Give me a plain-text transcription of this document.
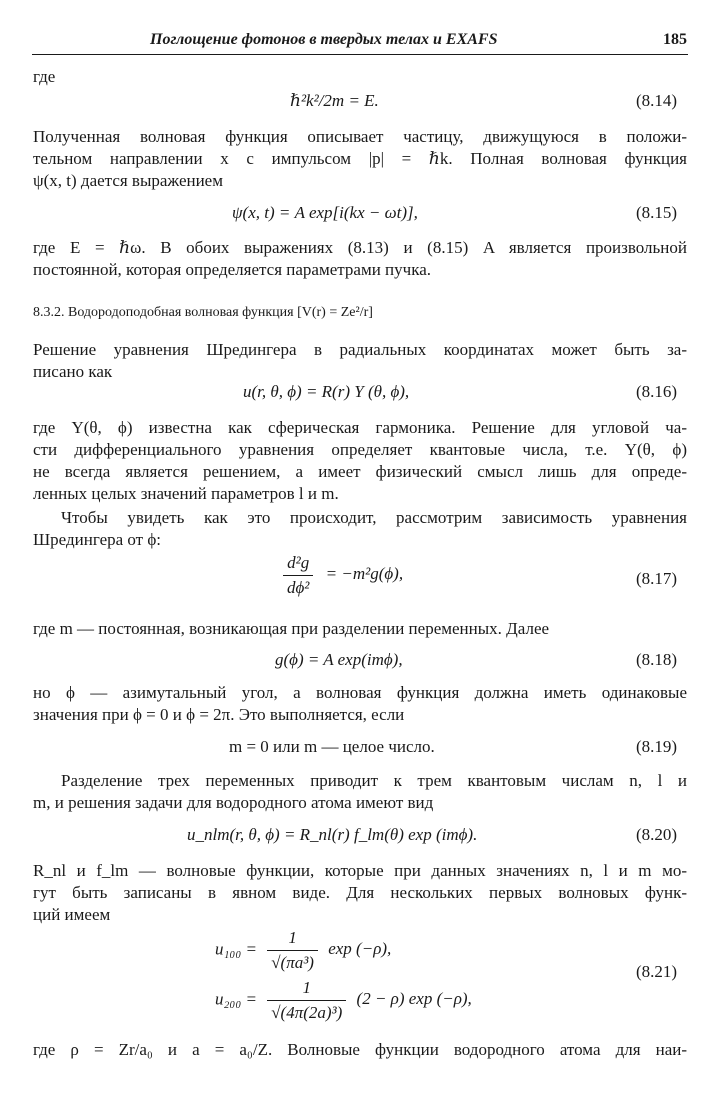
Поглощение фотонов в твердых телах и EXAFS	185
где
ℏ²k²/2m = E.	(8.14)
Полученная волновая функция описывает частицу, движущуюся в положи-
тельном направлении x с импульсом |p| = ℏk. Полная волновая функция
ψ(x, t) дается выражением
ψ(x, t) = A exp[i(kx − ωt)],	(8.15)
где E = ℏω. В обоих выражениях (8.13) и (8.15) A является произвольной
постоянной, которая определяется параметрами пучка.
8.3.2. Водородоподобная волновая функция [V(r) = Ze²/r]
Решение уравнения Шредингера в радиальных координатах может быть за-
писано как
u(r, θ, ϕ) = R(r) Y (θ, ϕ),	(8.16)
где Y(θ, ϕ) известна как сферическая гармоника. Решение для угловой ча-
сти дифференциального уравнения определяет квантовые числа, т.е. Y(θ, ϕ)
не всегда является решением, а имеет физический смысл лишь для опреде-
ленных целых значений параметров l и m.
Чтобы увидеть как это происходит, рассмотрим зависимость уравнения
Шредингера от ϕ:
$\frac{\text{d²g}}{\text{dϕ²}} = -m^2g(\phi)$,	(8.17)
где m — постоянная, возникающая при разделении переменных. Далее
g(ϕ) = A exp(imϕ),	(8.18)
но ϕ — азимутальный угол, а волновая функция должна иметь одинаковые
значения при ϕ = 0 и ϕ = 2π. Это выполняется, если
m = 0 или m — целое число.	(8.19)
Разделение трех переменных приводит к трем квантовым числам n, l и
m, и решения задачи для водородного атома имеют вид
u_nlm(r, θ, ϕ) = R_nl(r) f_lm(θ) exp (imϕ).	(8.20)
R_nl и f_lm — волновые функции, которые при данных значениях n, l и m мо-
гут быть записаны в явном виде. Для нескольких первых волновых функ-
ций имеем
$u_{100} = \frac{1}{\text{√(πa³)}}$ exp (−ρ),
$u_{200} = \frac{1}{\text{√(4π(2a)³)}} (2 - \rho)$ exp (−ρ),
(8.21)
где ρ = Zr/a₀ и a = a₀/Z. Волновые функции водородного атома для наи-
